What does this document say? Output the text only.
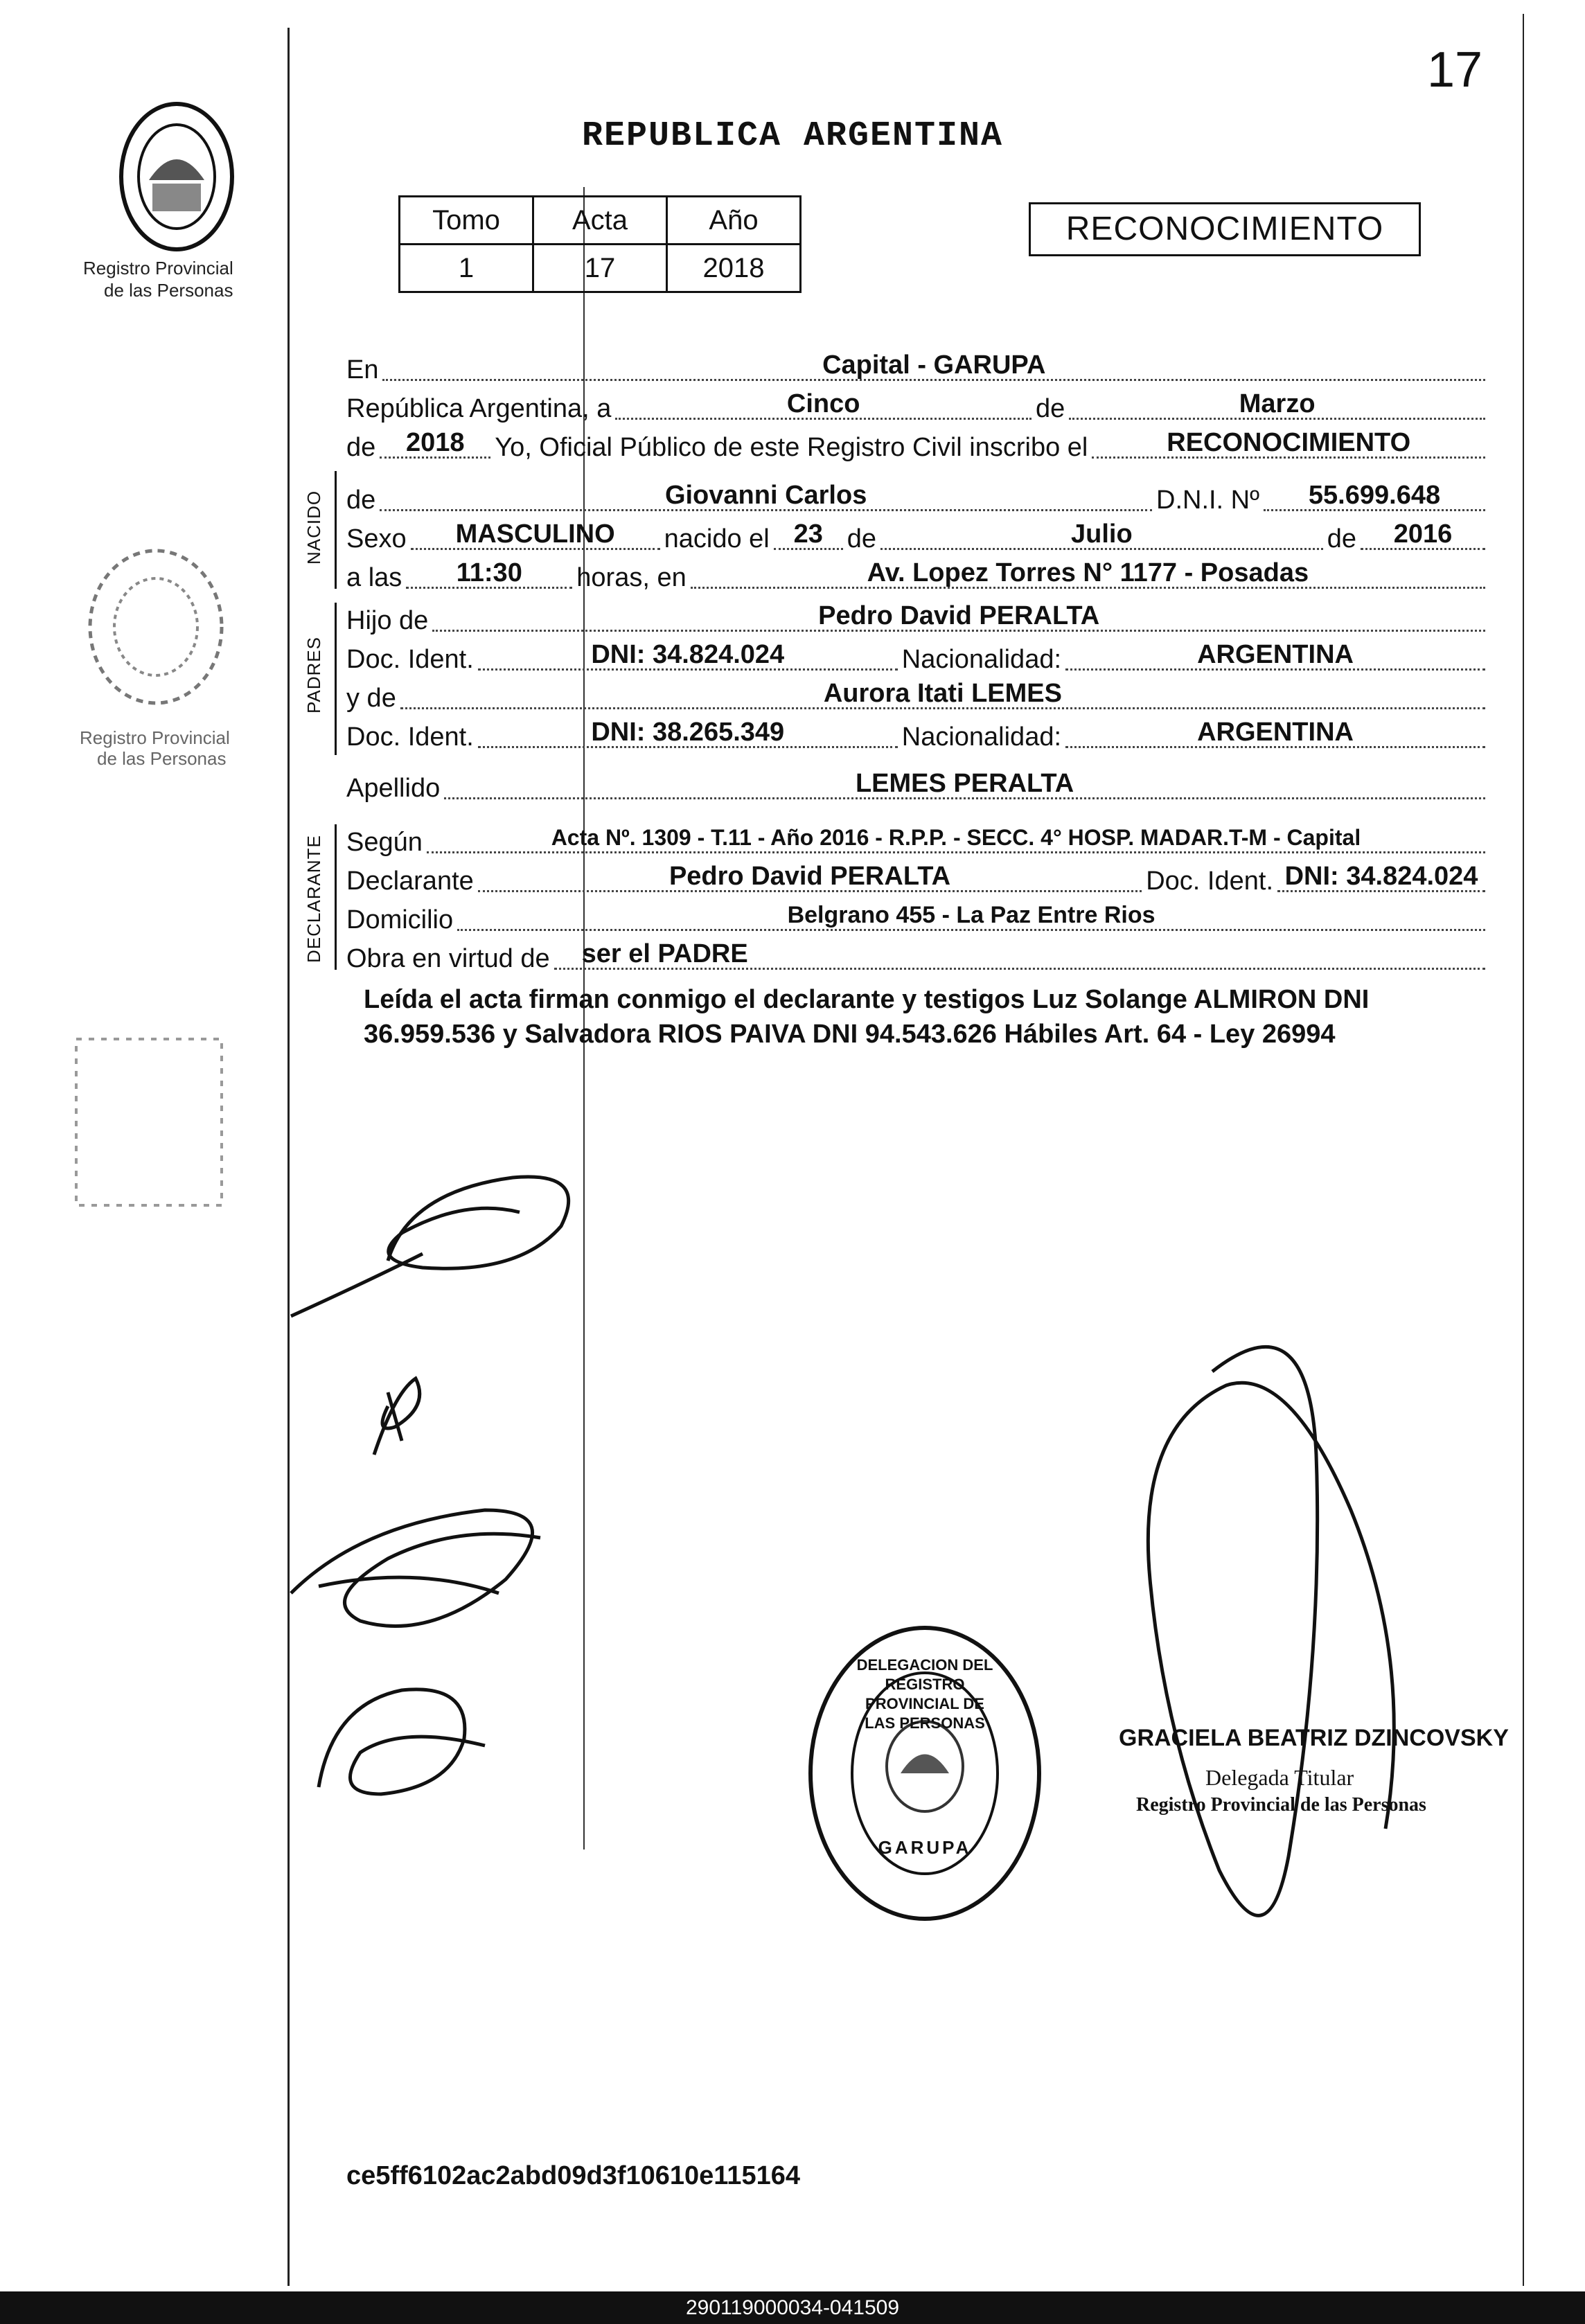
Registro Provincial
de las Personas
Registro Provincial
de las Personas
17
REPUBLICA ARGENTINA
Tomo	Acta	Año
1	17	2018
RECONOCIMIENTO
En	Capital - GARUPA
República Argentina, a	Cinco	de	Marzo
de	2018	Yo, Oficial Público de este Registro Civil inscribo el	RECONOCIMIENTO
NACIDO de	Giovanni Carlos	D.N.I. Nº	55.699.648
Sexo	MASCULINO	nacido el 23 de	Julio	de	2016
a las	11:30	horas, en	Av. Lopez Torres N° 1177 - Posadas
PADRES
Hijo de	Pedro David PERALTA
Doc. Ident.	DNI: 34.824.024	Nacionalidad:	ARGENTINA
y de	Aurora Itati LEMES
Doc. Ident.	DNI: 38.265.349	Nacionalidad:	ARGENTINA
Apellido	LEMES PERALTA
DECLARANTE Según	Acta Nº. 1309 - T.11 - Año 2016 - R.P.P. - SECC. 4° HOSP. MADAR.T-M - Capital
Declarante	Pedro David PERALTA	Doc. Ident. DNI: 34.824.024
Domicilio	Belgrano 455 - La Paz Entre Rios
Obra en virtud de	ser el PADRE
Leída el acta firman conmigo el declarante y testigos Luz Solange ALMIRON DNI 36.959.536 y Salvadora RIOS PAIVA DNI 94.543.626 Hábiles Art. 64 - Ley 26994
DELEGACION DEL REGISTRO PROVINCIAL DE LAS PERSONAS
GARUPA
GRACIELA BEATRIZ DZINCOVSKY
Delegada Titular
Registro Provincial de las Personas
ce5ff6102ac2abd09d3f10610e115164
290119000034-041509
